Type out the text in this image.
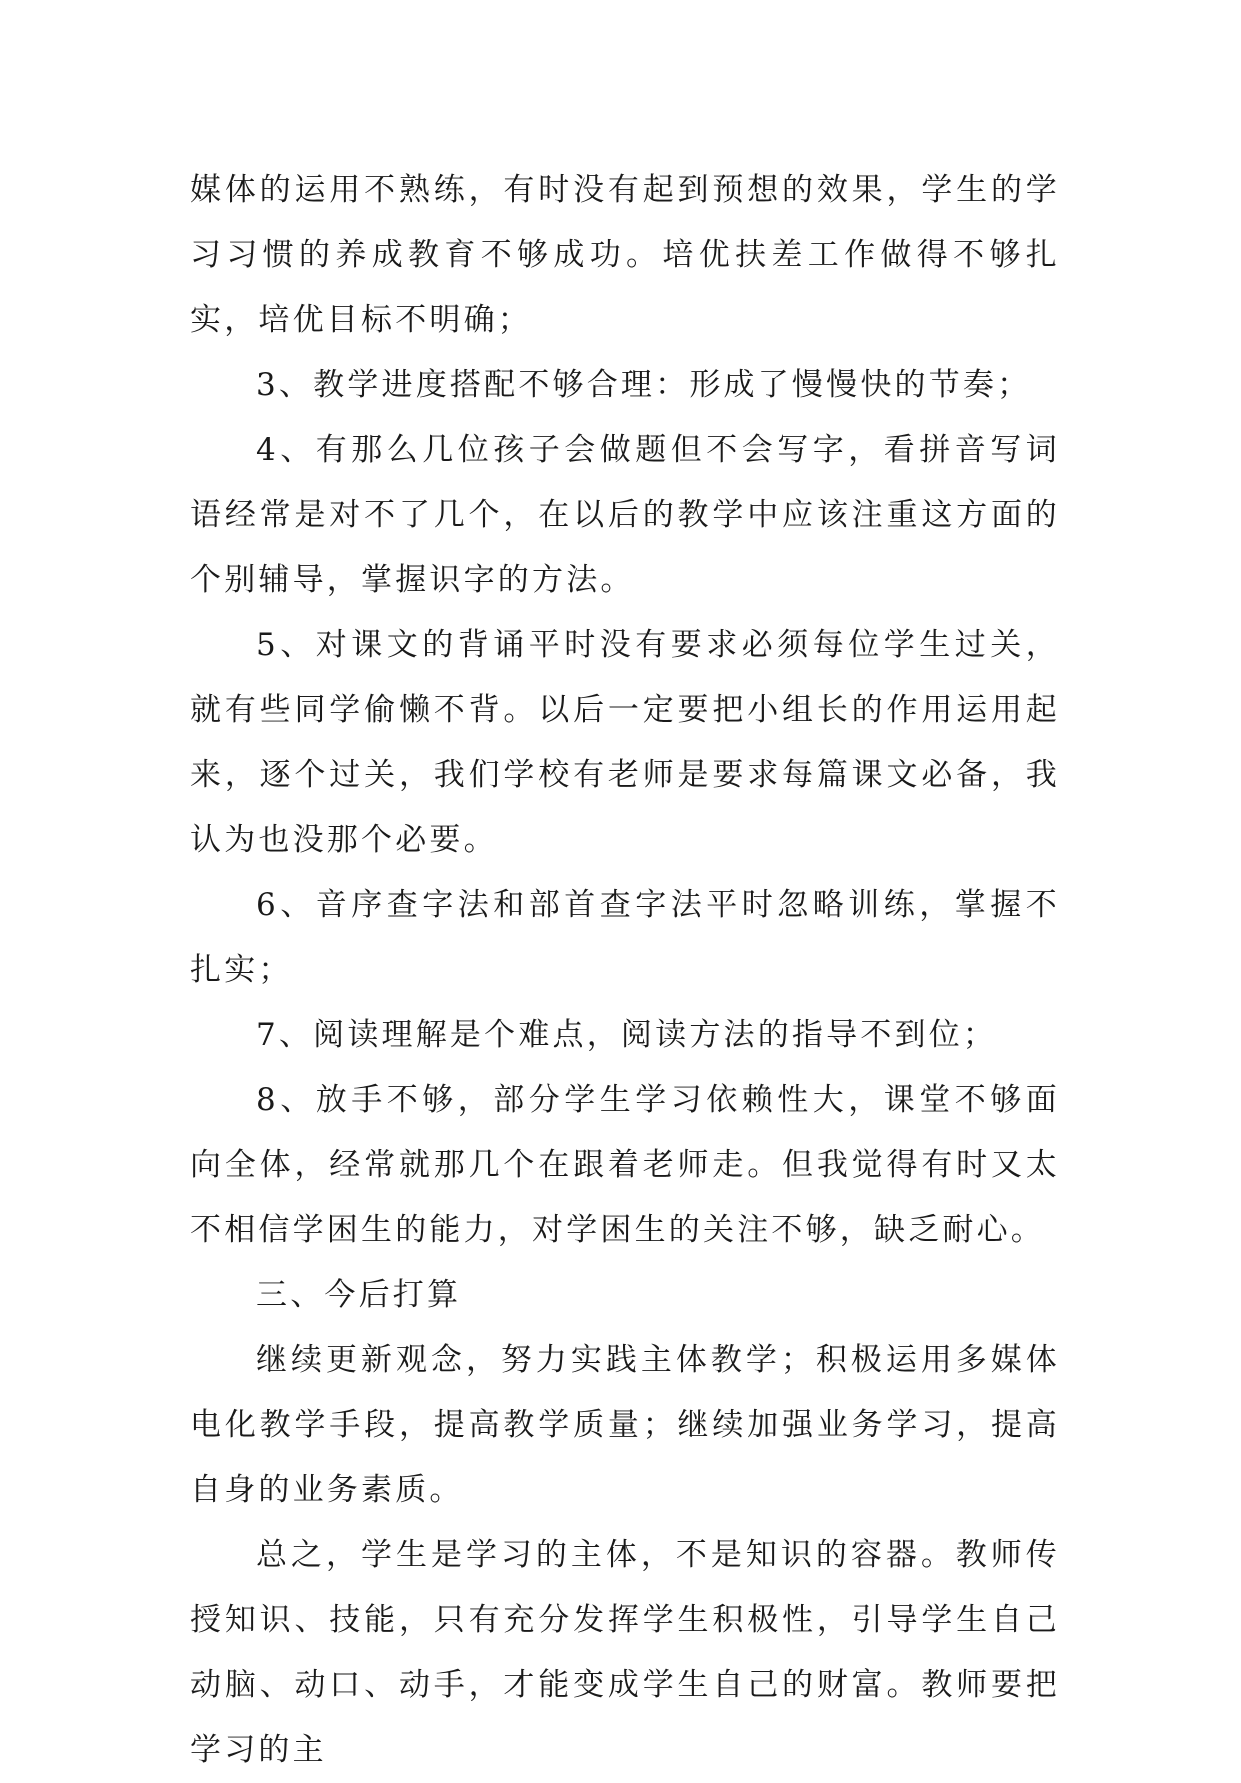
媒体的运用不熟练，有时没有起到预想的效果，学生的学习习惯的养成教育不够成功。培优扶差工作做得不够扎实，培优目标不明确；

3、教学进度搭配不够合理：形成了慢慢快的节奏；

4、有那么几位孩子会做题但不会写字，看拼音写词语经常是对不了几个，在以后的教学中应该注重这方面的个别辅导，掌握识字的方法。

5、对课文的背诵平时没有要求必须每位学生过关，就有些同学偷懒不背。以后一定要把小组长的作用运用起来，逐个过关，我们学校有老师是要求每篇课文必备，我认为也没那个必要。

6、音序查字法和部首查字法平时忽略训练，掌握不扎实；

7、阅读理解是个难点，阅读方法的指导不到位；

8、放手不够，部分学生学习依赖性大，课堂不够面向全体，经常就那几个在跟着老师走。但我觉得有时又太不相信学困生的能力，对学困生的关注不够，缺乏耐心。

三、今后打算

继续更新观念，努力实践主体教学；积极运用多媒体电化教学手段，提高教学质量；继续加强业务学习，提高自身的业务素质。

总之，学生是学习的主体，不是知识的容器。教师传授知识、技能，只有充分发挥学生积极性，引导学生自己动脑、动口、动手，才能变成学生自己的财富。教师要把学习的主
